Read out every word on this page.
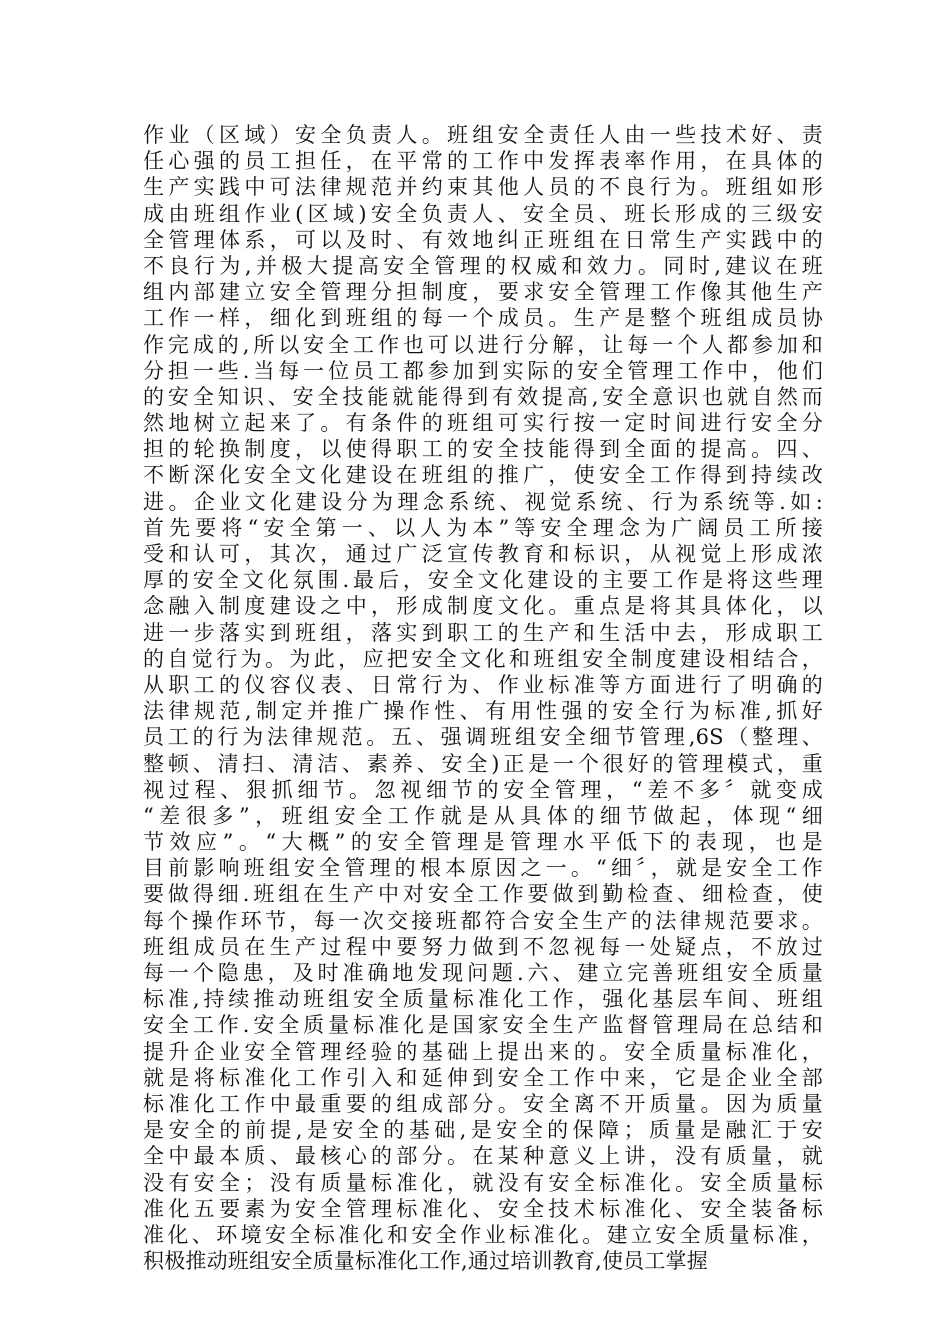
作业（区域）安全负责人。班组安全责任人由一些技术好、责
任心强的员工担任，在平常的工作中发挥表率作用，在具体的
生产实践中可法律规范并约束其他人员的不良行为。班组如形
成由班组作业(区域)安全负责人、安全员、班长形成的三级安
全管理体系，可以及时、有效地纠正班组在日常生产实践中的
不良行为,并极大提高安全管理的权威和效力。同时,建议在班
组内部建立安全管理分担制度，要求安全管理工作像其他生产
工作一样，细化到班组的每一个成员。生产是整个班组成员协
作完成的,所以安全工作也可以进行分解，让每一个人都参加和
分担一些.当每一位员工都参加到实际的安全管理工作中，他们
的安全知识、安全技能就能得到有效提高,安全意识也就自然而
然地树立起来了。有条件的班组可实行按一定时间进行安全分
担的轮换制度，以使得职工的安全技能得到全面的提高。四、
不断深化安全文化建设在班组的推广，使安全工作得到持续改
进。企业文化建设分为理念系统、视觉系统、行为系统等.如:
首先要将“安全第一、以人为本”等安全理念为广阔员工所接
受和认可，其次，通过广泛宣传教育和标识，从视觉上形成浓
厚的安全文化氛围.最后，安全文化建设的主要工作是将这些理
念融入制度建设之中，形成制度文化。重点是将其具体化，以
进一步落实到班组，落实到职工的生产和生活中去，形成职工
的自觉行为。为此，应把安全文化和班组安全制度建设相结合，
从职工的仪容仪表、日常行为、作业标准等方面进行了明确的
法律规范,制定并推广操作性、有用性强的安全行为标准,抓好
员工的行为法律规范。五、强调班组安全细节管理,6S（整理、
整顿、清扫、清洁、素养、安全)正是一个很好的管理模式，重
视过程、狠抓细节。忽视细节的安全管理，“差不多〞就变成
“差很多”，班组安全工作就是从具体的细节做起，体现“细
节效应”。“大概”的安全管理是管理水平低下的表现，也是
目前影响班组安全管理的根本原因之一。“细〞，就是安全工作
要做得细.班组在生产中对安全工作要做到勤检查、细检查，使
每个操作环节，每一次交接班都符合安全生产的法律规范要求。
班组成员在生产过程中要努力做到不忽视每一处疑点，不放过
每一个隐患，及时准确地发现问题.六、建立完善班组安全质量
标准,持续推动班组安全质量标准化工作，强化基层车间、班组
安全工作.安全质量标准化是国家安全生产监督管理局在总结和
提升企业安全管理经验的基础上提出来的。安全质量标准化，
就是将标准化工作引入和延伸到安全工作中来，它是企业全部
标准化工作中最重要的组成部分。安全离不开质量。因为质量
是安全的前提,是安全的基础,是安全的保障；质量是融汇于安
全中最本质、最核心的部分。在某种意义上讲，没有质量，就
没有安全；没有质量标准化，就没有安全标准化。安全质量标
准化五要素为安全管理标准化、安全技术标准化、安全装备标
准化、环境安全标准化和安全作业标准化。建立安全质量标准，
积极推动班组安全质量标准化工作,通过培训教育,使员工掌握
